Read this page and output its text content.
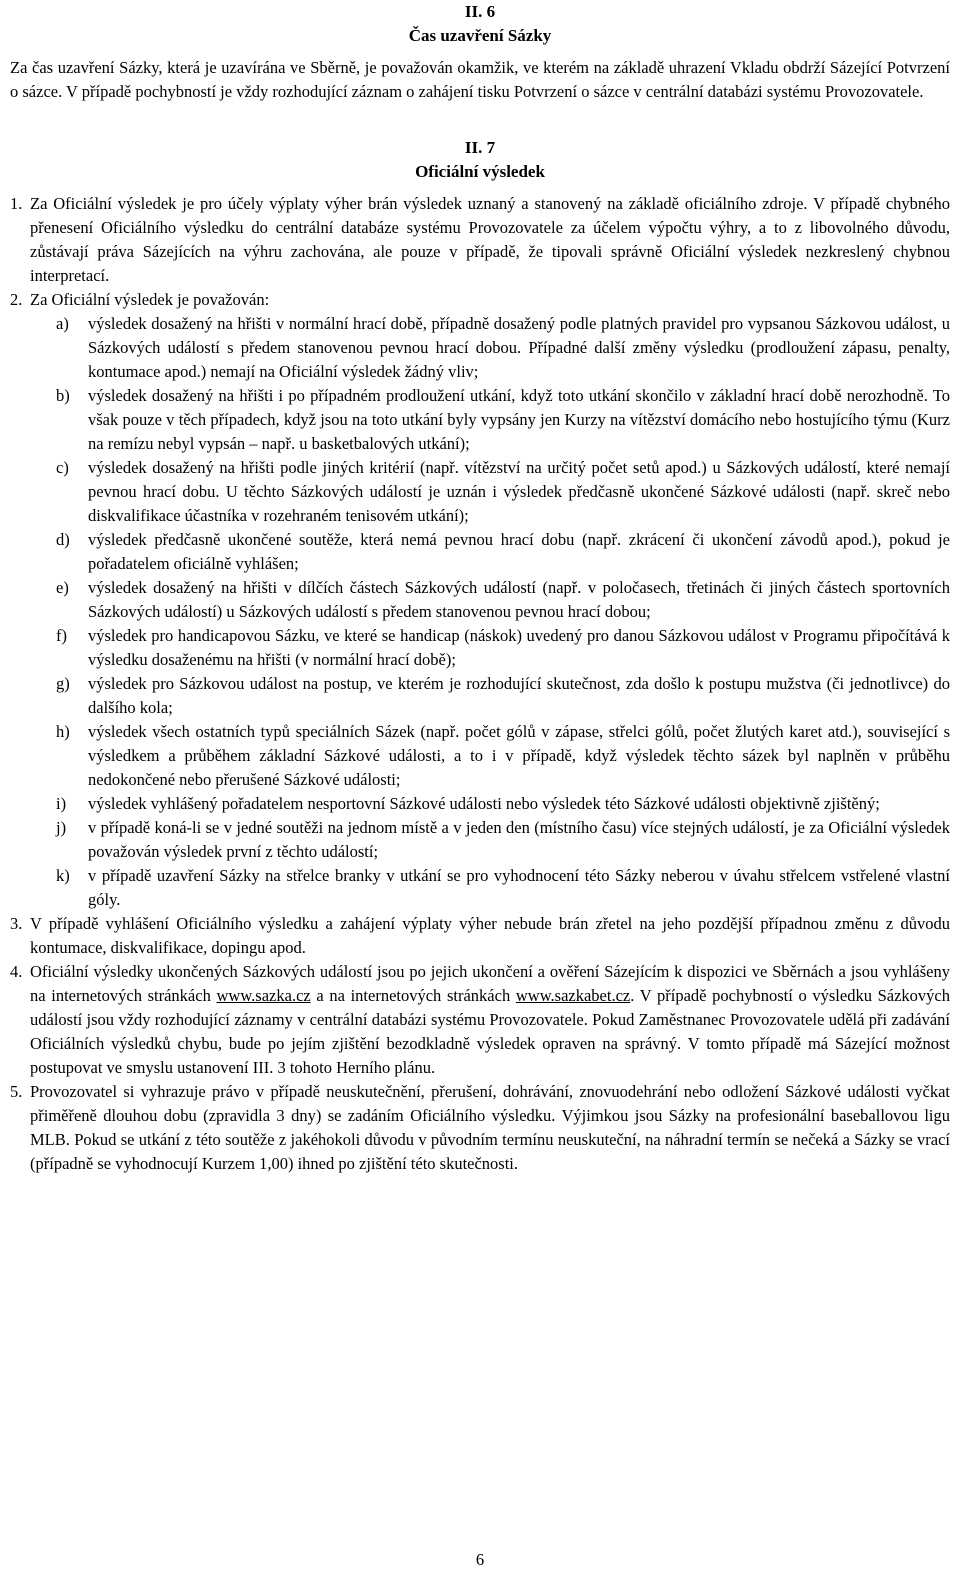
II. 6
Čas uzavření Sázky

Za čas uzavření Sázky, která je uzavírána ve Sběrně, je považován okamžik, ve kterém na základě uhrazení Vkladu obdrží Sázející Potvrzení o sázce. V případě pochybností je vždy rozhodující záznam o zahájení tisku Potvrzení o sázce v centrální databázi systému Provozovatele.

II. 7
Oficiální výsledek
1. Za Oficiální výsledek je pro účely výplaty výher brán výsledek uznaný a stanovený na základě oficiálního zdroje. V případě chybného přenesení Oficiálního výsledku do centrální databáze systému Provozovatele za účelem výpočtu výhry, a to z libovolného důvodu, zůstávají práva Sázejících na výhru zachována, ale pouze v případě, že tipovali správně Oficiální výsledek nezkreslený chybnou interpretací.
2. Za Oficiální výsledek je považován:
a) výsledek dosažený na hřišti v normální hrací době, případně dosažený podle platných pravidel pro vypsanou Sázkovou událost, u Sázkových událostí s předem stanovenou pevnou hrací dobou. Případné další změny výsledku (prodloužení zápasu, penalty, kontumace apod.) nemají na Oficiální výsledek žádný vliv;
b) výsledek dosažený na hřišti i po případném prodloužení utkání, když toto utkání skončilo v základní hrací době nerozhodně. To však pouze v těch případech, když jsou na toto utkání byly vypsány jen Kurzy na vítězství domácího nebo hostujícího týmu (Kurz na remízu nebyl vypsán – např. u basketbalových utkání);
c) výsledek dosažený na hřišti podle jiných kritérií (např. vítězství na určitý počet setů apod.) u Sázkových událostí, které nemají pevnou hrací dobu. U těchto Sázkových událostí je uznán i výsledek předčasně ukončené Sázkové události (např. skreč nebo diskvalifikace účastníka v rozehraném tenisovém utkání);
d) výsledek předčasně ukončené soutěže, která nemá pevnou hrací dobu (např. zkrácení či ukončení závodů apod.), pokud je pořadatelem oficiálně vyhlášen;
e) výsledek dosažený na hřišti v dílčích částech Sázkových událostí (např. v poločasech, třetinách či jiných částech sportovních Sázkových událostí) u Sázkových událostí s předem stanovenou pevnou hrací dobou;
f) výsledek pro handicapovou Sázku, ve které se handicap (náskok) uvedený pro danou Sázkovou událost v Programu připočítává k výsledku dosaženému na hřišti (v normální hrací době);
g) výsledek pro Sázkovou událost na postup, ve kterém je rozhodující skutečnost, zda došlo k postupu mužstva (či jednotlivce) do dalšího kola;
h) výsledek všech ostatních typů speciálních Sázek (např. počet gólů v zápase, střelci gólů, počet žlutých karet atd.), související s výsledkem a průběhem základní Sázkové události, a to i v případě, když výsledek těchto sázek byl naplněn v průběhu nedokončené nebo přerušené Sázkové události;
i) výsledek vyhlášený pořadatelem nesportovní Sázkové události nebo výsledek této Sázkové události objektivně zjištěný;
j) v případě koná-li se v jedné soutěži na jednom místě a v jeden den (místního času) více stejných událostí, je za Oficiální výsledek považován výsledek první z těchto událostí;
k) v případě uzavření Sázky na střelce branky v utkání se pro vyhodnocení této Sázky neberou v úvahu střelcem vstřelené vlastní góly.
3. V případě vyhlášení Oficiálního výsledku a zahájení výplaty výher nebude brán zřetel na jeho pozdější případnou změnu z důvodu kontumace, diskvalifikace, dopingu apod.
4. Oficiální výsledky ukončených Sázkových událostí jsou po jejich ukončení a ověření Sázejícím k dispozici ve Sběrnách a jsou vyhlášeny na internetových stránkách www.sazka.cz a na internetových stránkách www.sazkabet.cz. V případě pochybností o výsledku Sázkových událostí jsou vždy rozhodující záznamy v centrální databázi systému Provozovatele. Pokud Zaměstnanec Provozovatele udělá při zadávání Oficiálních výsledků chybu, bude po jejím zjištění bezodkladně výsledek opraven na správný. V tomto případě má Sázející možnost postupovat ve smyslu ustanovení III. 3 tohoto Herního plánu.
5. Provozovatel si vyhrazuje právo v případě neuskutečnění, přerušení, dohrávání, znovuodehrání nebo odložení Sázkové události vyčkat přiměřeně dlouhou dobu (zpravidla 3 dny) se zadáním Oficiálního výsledku. Výjimkou jsou Sázky na profesionální baseballovou ligu MLB. Pokud se utkání z této soutěže z jakéhokoli důvodu v původním termínu neuskuteční, na náhradní termín se nečeká a Sázky se vrací (případně se vyhodnocují Kurzem 1,00) ihned po zjištění této skutečnosti.
6
